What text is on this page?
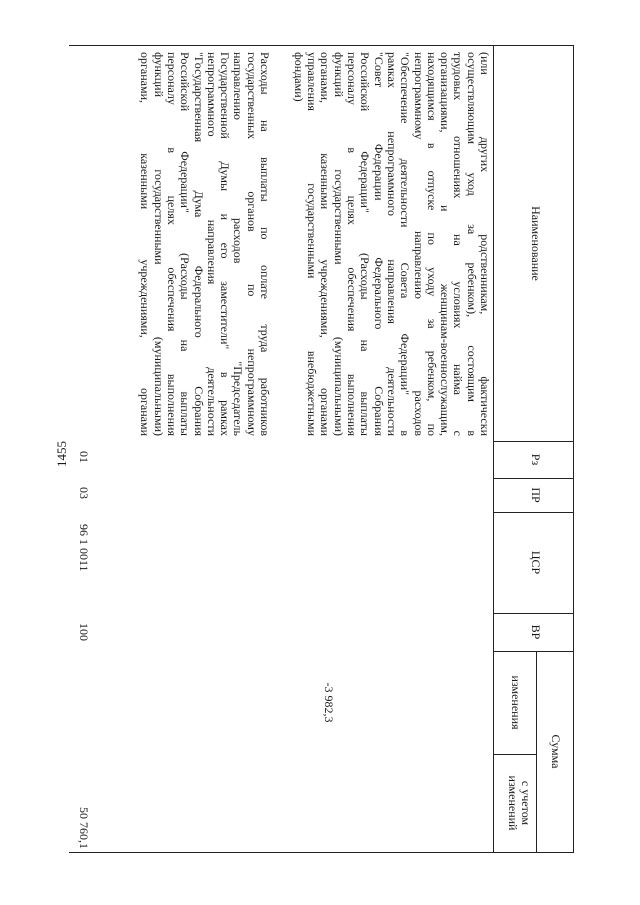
1455
Наименование
Рз
ПР
ЦСР
ВР
Сумма
изменения
с учетом
изменений
(или других родственникам, фактически
осуществляющим уход за ребенком), состоящим в
трудовых отношениях на условиях найма с
организациями, и женщинам-военнослужащим,
находящимся в отпуске по уходу за ребенком, по
непрограммному направлению расходов
"Обеспечение деятельности Совета Федерации" в
рамках непрограммного направления деятельности
"Совет Федерации Федерального Собрания
Российской Федерации" (Расходы на выплаты
персоналу в целях обеспечения выполнения
функций государственными (муниципальными)
органами, казенными учреждениями, органами
управления государственными внебюджетными
фондами)
Расходы на выплаты по оплате труда работников
государственных органов по непрограммному
направлению расходов "Председатель
Государственной Думы и его заместители" в рамках
непрограммного направления деятельности
"Государственная Дума Федерального Собрания
Российской Федерации" (Расходы на выплаты
персоналу в целях обеспечения выполнения
функций государственными (муниципальными)
органами, казенными учреждениями, органами
01
03
96 1 0011
100
-3 982,3
50 760,1
